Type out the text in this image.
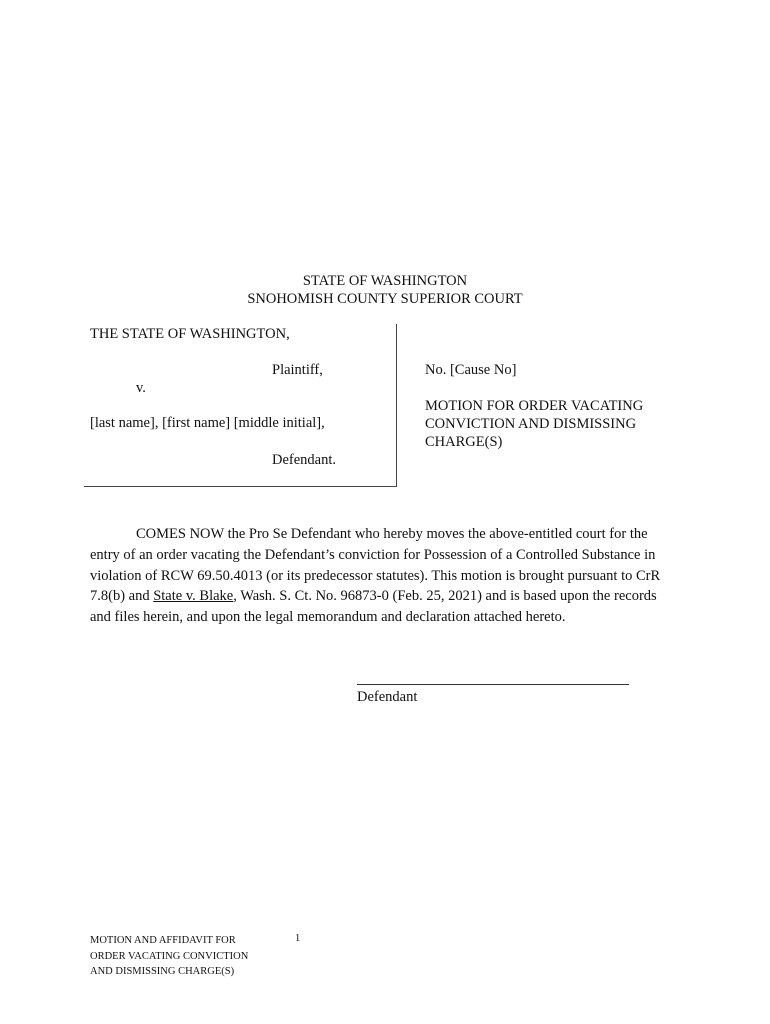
STATE OF WASHINGTON
SNOHOMISH COUNTY SUPERIOR COURT
THE STATE OF WASHINGTON,
Plaintiff,
v.
[last name], [first name] [middle initial],
Defendant.
No. [Cause No]
MOTION FOR ORDER VACATING
CONVICTION AND DISMISSING
CHARGE(S)

COMES NOW the Pro Se Defendant who hereby moves the above-entitled court for the entry of an order vacating the Defendant’s conviction for Possession of a Controlled Substance in violation of RCW 69.50.4013 (or its predecessor statutes). This motion is brought pursuant to CrR 7.8(b) and State v. Blake, Wash. S. Ct. No. 96873-0 (Feb. 25, 2021) and is based upon the records and files herein, and upon the legal memorandum and declaration attached hereto.

Defendant
MOTION AND AFFIDAVIT FOR
ORDER VACATING CONVICTION
AND DISMISSING CHARGE(S)
1
